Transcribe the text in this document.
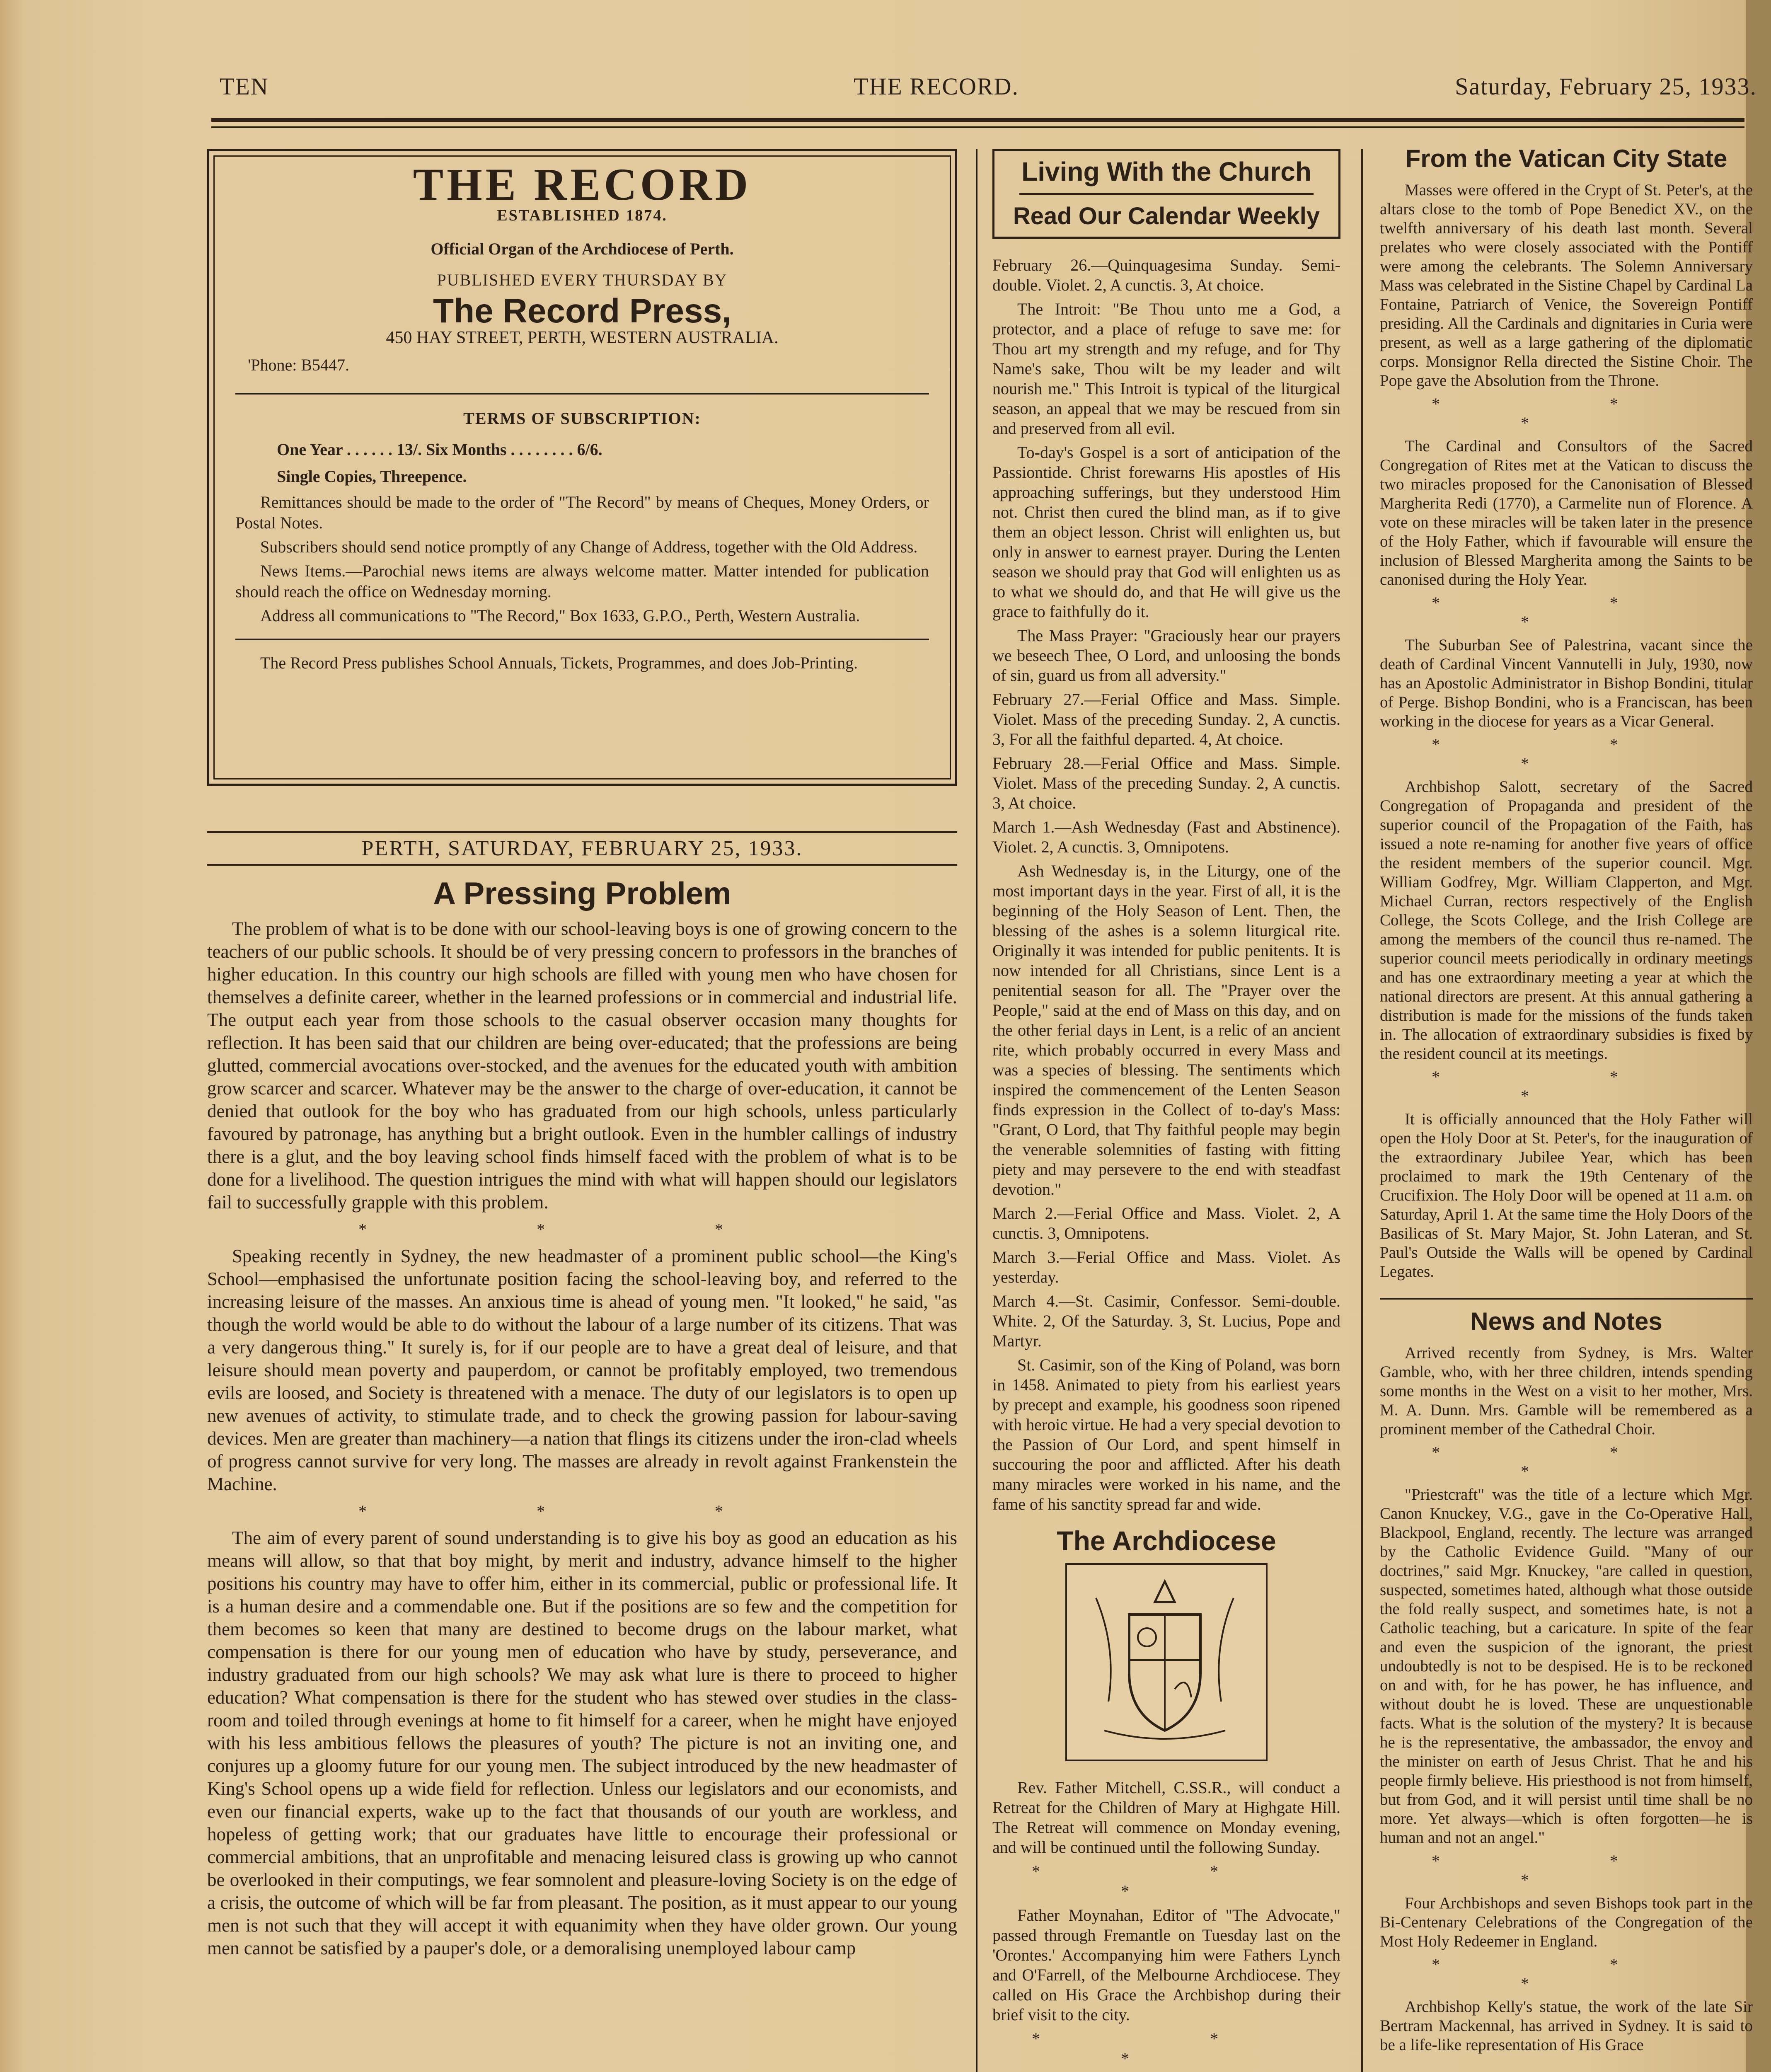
TEN	THE RECORD.	Saturday, February 25, 1933.
THE RECORD
ESTABLISHED 1874.
Official Organ of the Archdiocese of Perth.
PUBLISHED EVERY THURSDAY BY
The Record Press,
450 HAY STREET, PERTH, WESTERN AUSTRALIA.
'Phone: B5447.
TERMS OF SUBSCRIPTION:
One Year . . . . . . 13/. Six Months . . . . . . . . 6/6.
Single Copies, Threepence.
Remittances should be made to the order of "The Record" by means of Cheques, Money Orders, or Postal Notes.
Subscribers should send notice promptly of any Change of Address, together with the Old Address.
News Items.—Parochial news items are always welcome matter. Matter intended for publication should reach the office on Wednesday morning.
Address all communications to "The Record," Box 1633, G.P.O., Perth, Western Australia.
The Record Press publishes School Annuals, Tickets, Programmes, and does Job-Printing.
PERTH, SATURDAY, FEBRUARY 25, 1933.
A Pressing Problem

The problem of what is to be done with our school-leaving boys is one of growing concern to the teachers of our public schools. It should be of very pressing concern to professors in the branches of higher education. In this country our high schools are filled with young men who have chosen for themselves a definite career, whether in the learned professions or in commercial and industrial life. The output each year from those schools to the casual observer occasion many thoughts for reflection. It has been said that our children are being over-educated; that the professions are being glutted, commercial avocations over-stocked, and the avenues for the educated youth with ambition grow scarcer and scarcer. Whatever may be the answer to the charge of over-education, it cannot be denied that outlook for the boy who has graduated from our high schools, unless particularly favoured by patronage, has anything but a bright outlook. Even in the humbler callings of industry there is a glut, and the boy leaving school finds himself faced with the problem of what is to be done for a livelihood. The question intrigues the mind with what will happen should our legislators fail to successfully grapple with this problem.

* * *

Speaking recently in Sydney, the new headmaster of a prominent public school—the King's School—emphasised the unfortunate position facing the school-leaving boy, and referred to the increasing leisure of the masses. An anxious time is ahead of young men. "It looked," he said, "as though the world would be able to do without the labour of a large number of its citizens. That was a very dangerous thing." It surely is, for if our people are to have a great deal of leisure, and that leisure should mean poverty and pauperdom, or cannot be profitably employed, two tremendous evils are loosed, and Society is threatened with a menace. The duty of our legislators is to open up new avenues of activity, to stimulate trade, and to check the growing passion for labour-saving devices. Men are greater than machinery—a nation that flings its citizens under the iron-clad wheels of progress cannot survive for very long. The masses are already in revolt against Frankenstein the Machine.

* * *

The aim of every parent of sound understanding is to give his boy as good an education as his means will allow, so that that boy might, by merit and industry, advance himself to the higher positions his country may have to offer him, either in its commercial, public or professional life. It is a human desire and a commendable one. But if the positions are so few and the competition for them becomes so keen that many are destined to become drugs on the labour market, what compensation is there for our young men of education who have by study, perseverance, and industry graduated from our high schools? We may ask what lure is there to proceed to higher education? What compensation is there for the student who has stewed over studies in the class-room and toiled through evenings at home to fit himself for a career, when he might have enjoyed with his less ambitious fellows the pleasures of youth? The picture is not an inviting one, and conjures up a gloomy future for our young men. The subject introduced by the new headmaster of King's School opens up a wide field for reflection. Unless our legislators and our economists, and even our financial experts, wake up to the fact that thousands of our youth are workless, and hopeless of getting work; that our graduates have little to encourage their professional or commercial ambitions, that an unprofitable and menacing leisured class is growing up who cannot be overlooked in their computings, we fear somnolent and pleasure-loving Society is on the edge of a crisis, the outcome of which will be far from pleasant. The position, as it must appear to our young men is not such that they will accept it with equanimity when they have older grown. Our young men cannot be satisfied by a pauper's dole, or a demoralising unemployed labour camp

Living With the Church
Read Our Calendar Weekly

February 26.—Quinquagesima Sunday. Semi-double. Violet. 2, A cunctis. 3, At choice.

The Introit: "Be Thou unto me a God, a protector, and a place of refuge to save me: for Thou art my strength and my refuge, and for Thy Name's sake, Thou wilt be my leader and wilt nourish me." This Introit is typical of the liturgical season, an appeal that we may be rescued from sin and preserved from all evil.

To-day's Gospel is a sort of anticipation of the Passiontide. Christ forewarns His apostles of His approaching sufferings, but they understood Him not. Christ then cured the blind man, as if to give them an object lesson. Christ will enlighten us, but only in answer to earnest prayer. During the Lenten season we should pray that God will enlighten us as to what we should do, and that He will give us the grace to faithfully do it.

The Mass Prayer: "Graciously hear our prayers we beseech Thee, O Lord, and unloosing the bonds of sin, guard us from all adversity."

February 27.—Ferial Office and Mass. Simple. Violet. Mass of the preceding Sunday. 2, A cunctis. 3, For all the faithful departed. 4, At choice.

February 28.—Ferial Office and Mass. Simple. Violet. Mass of the preceding Sunday. 2, A cunctis. 3, At choice.

March 1.—Ash Wednesday (Fast and Abstinence). Violet. 2, A cunctis. 3, Omnipotens.

Ash Wednesday is, in the Liturgy, one of the most important days in the year. First of all, it is the beginning of the Holy Season of Lent. Then, the blessing of the ashes is a solemn liturgical rite. Originally it was intended for public penitents. It is now intended for all Christians, since Lent is a penitential season for all. The "Prayer over the People," said at the end of Mass on this day, and on the other ferial days in Lent, is a relic of an ancient rite, which probably occurred in every Mass and was a species of blessing. The sentiments which inspired the commencement of the Lenten Season finds expression in the Collect of to-day's Mass: "Grant, O Lord, that Thy faithful people may begin the venerable solemnities of fasting with fitting piety and may persevere to the end with steadfast devotion."

March 2.—Ferial Office and Mass. Violet. 2, A cunctis. 3, Omnipotens.

March 3.—Ferial Office and Mass. Violet. As yesterday.

March 4.—St. Casimir, Confessor. Semi-double. White. 2, Of the Saturday. 3, St. Lucius, Pope and Martyr.

St. Casimir, son of the King of Poland, was born in 1458. Animated to piety from his earliest years by precept and example, his goodness soon ripened with heroic virtue. He had a very special devotion to the Passion of Our Lord, and spent himself in succouring the poor and afflicted. After his death many miracles were worked in his name, and the fame of his sanctity spread far and wide.

The Archdiocese

Rev. Father Mitchell, C.SS.R., will conduct a Retreat for the Children of Mary at Highgate Hill. The Retreat will commence on Monday evening, and will be continued until the following Sunday.

* * *

Father Moynahan, Editor of "The Advocate," passed through Fremantle on Tuesday last on the 'Orontes.' Accompanying him were Fathers Lynch and O'Farrell, of the Melbourne Archdiocese. They called on His Grace the Archbishop during their brief visit to the city.

* * *

From the Vatican City State

Masses were offered in the Crypt of St. Peter's, at the altars close to the tomb of Pope Benedict XV., on the twelfth anniversary of his death last month. Several prelates who were closely associated with the Pontiff were among the celebrants. The Solemn Anniversary Mass was celebrated in the Sistine Chapel by Cardinal La Fontaine, Patriarch of Venice, the Sovereign Pontiff presiding. All the Cardinals and dignitaries in Curia were present, as well as a large gathering of the diplomatic corps. Monsignor Rella directed the Sistine Choir. The Pope gave the Absolution from the Throne.

* * *

The Cardinal and Consultors of the Sacred Congregation of Rites met at the Vatican to discuss the two miracles proposed for the Canonisation of Blessed Margherita Redi (1770), a Carmelite nun of Florence. A vote on these miracles will be taken later in the presence of the Holy Father, which if favourable will ensure the inclusion of Blessed Margherita among the Saints to be canonised during the Holy Year.

* * *

The Suburban See of Palestrina, vacant since the death of Cardinal Vincent Vannutelli in July, 1930, now has an Apostolic Administrator in Bishop Bondini, titular of Perge. Bishop Bondini, who is a Franciscan, has been working in the diocese for years as a Vicar General.

* * *

Archbishop Salott, secretary of the Sacred Congregation of Propaganda and president of the superior council of the Propagation of the Faith, has issued a note re-naming for another five years of office the resident members of the superior council. Mgr. William Godfrey, Mgr. William Clapperton, and Mgr. Michael Curran, rectors respectively of the English College, the Scots College, and the Irish College are among the members of the council thus re-named. The superior council meets periodically in ordinary meetings and has one extraordinary meeting a year at which the national directors are present. At this annual gathering a distribution is made for the missions of the funds taken in. The allocation of extraordinary subsidies is fixed by the resident council at its meetings.

* * *

It is officially announced that the Holy Father will open the Holy Door at St. Peter's, for the inauguration of the extraordinary Jubilee Year, which has been proclaimed to mark the 19th Centenary of the Crucifixion. The Holy Door will be opened at 11 a.m. on Saturday, April 1. At the same time the Holy Doors of the Basilicas of St. Mary Major, St. John Lateran, and St. Paul's Outside the Walls will be opened by Cardinal Legates.

News and Notes

Arrived recently from Sydney, is Mrs. Walter Gamble, who, with her three children, intends spending some months in the West on a visit to her mother, Mrs. M. A. Dunn. Mrs. Gamble will be remembered as a prominent member of the Cathedral Choir.

* * *

"Priestcraft" was the title of a lecture which Mgr. Canon Knuckey, V.G., gave in the Co-Operative Hall, Blackpool, England, recently. The lecture was arranged by the Catholic Evidence Guild. "Many of our doctrines," said Mgr. Knuckey, "are called in question, suspected, sometimes hated, although what those outside the fold really suspect, and sometimes hate, is not a Catholic teaching, but a caricature. In spite of the fear and even the suspicion of the ignorant, the priest undoubtedly is not to be despised. He is to be reckoned on and with, for he has power, he has influence, and without doubt he is loved. These are unquestionable facts. What is the solution of the mystery? It is because he is the representative, the ambassador, the envoy and the minister on earth of Jesus Christ. That he and his people firmly believe. His priesthood is not from himself, but from God, and it will persist until time shall be no more. Yet always—which is often forgotten—he is human and not an angel."

* * *

Four Archbishops and seven Bishops took part in the Bi-Centenary Celebrations of the Congregation of the Most Holy Redeemer in England.

* * *

Archbishop Kelly's statue, the work of the late Sir Bertram Mackennal, has arrived in Sydney. It is said to be a life-like representation of His Grace
